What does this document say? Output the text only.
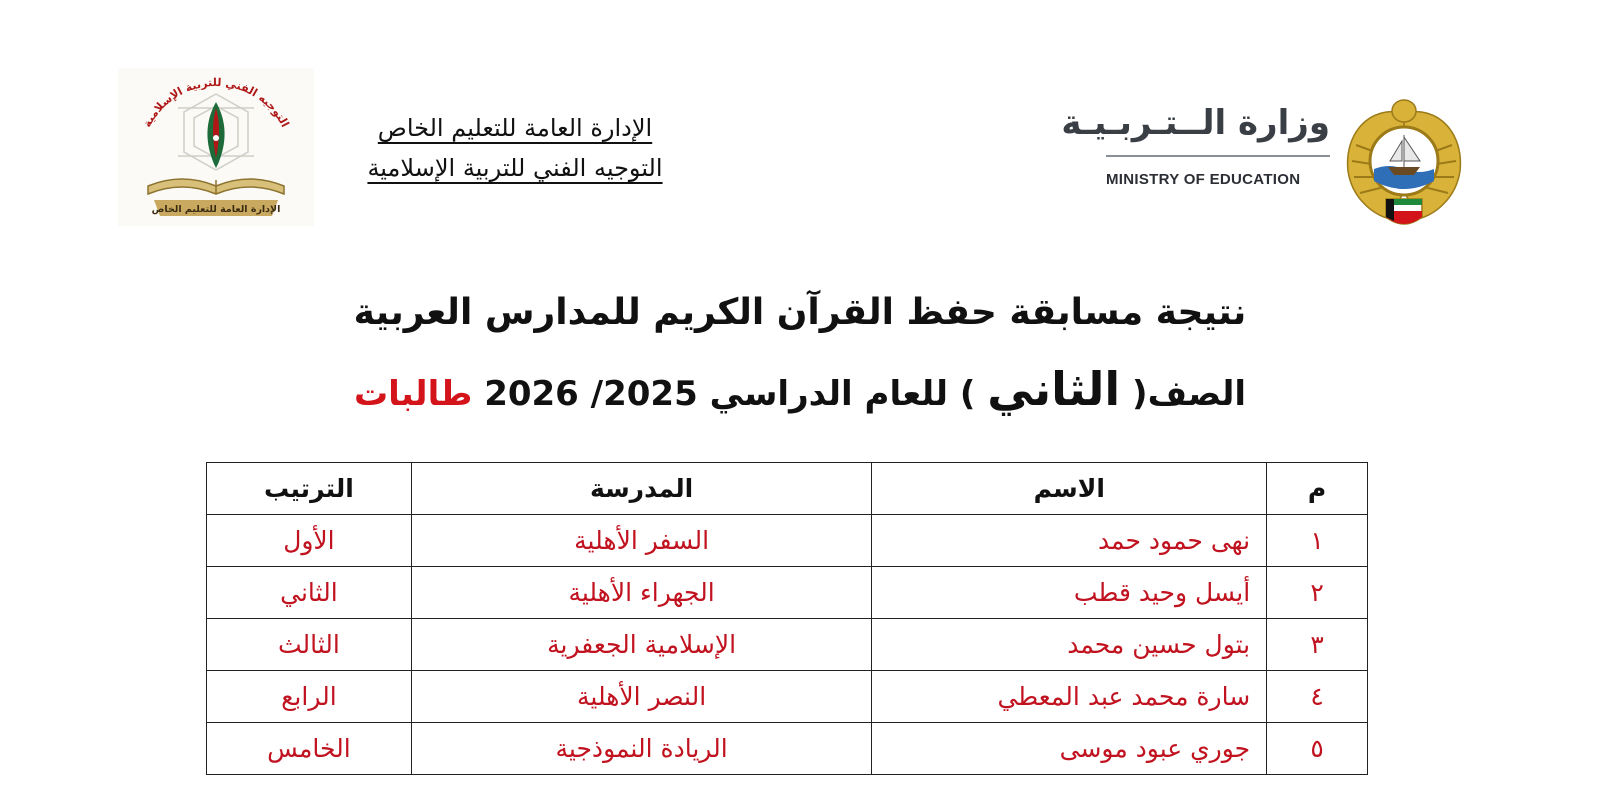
وزارة الــتـربـيـة
MINISTRY OF EDUCATION
الإدارة العامة للتعليم الخاص
التوجيه الفني للتربية الإسلامية
التوجيه الفني للتربية الإسلامية
الإدارة العامة للتعليم الخاص
نتيجة مسابقة حفظ القرآن الكريم للمدارس العربية
الصف( الثاني ) للعام الدراسي 2025/ 2026 طالبات
م	الاسم	المدرسة	الترتيب
١	نهى حمود حمد	السفر الأهلية	الأول
٢	أيسل وحيد قطب	الجهراء الأهلية	الثاني
٣	بتول حسين محمد	الإسلامية الجعفرية	الثالث
٤	سارة محمد عبد المعطي	النصر الأهلية	الرابع
٥	جوري عبود موسى	الريادة النموذجية	الخامس
